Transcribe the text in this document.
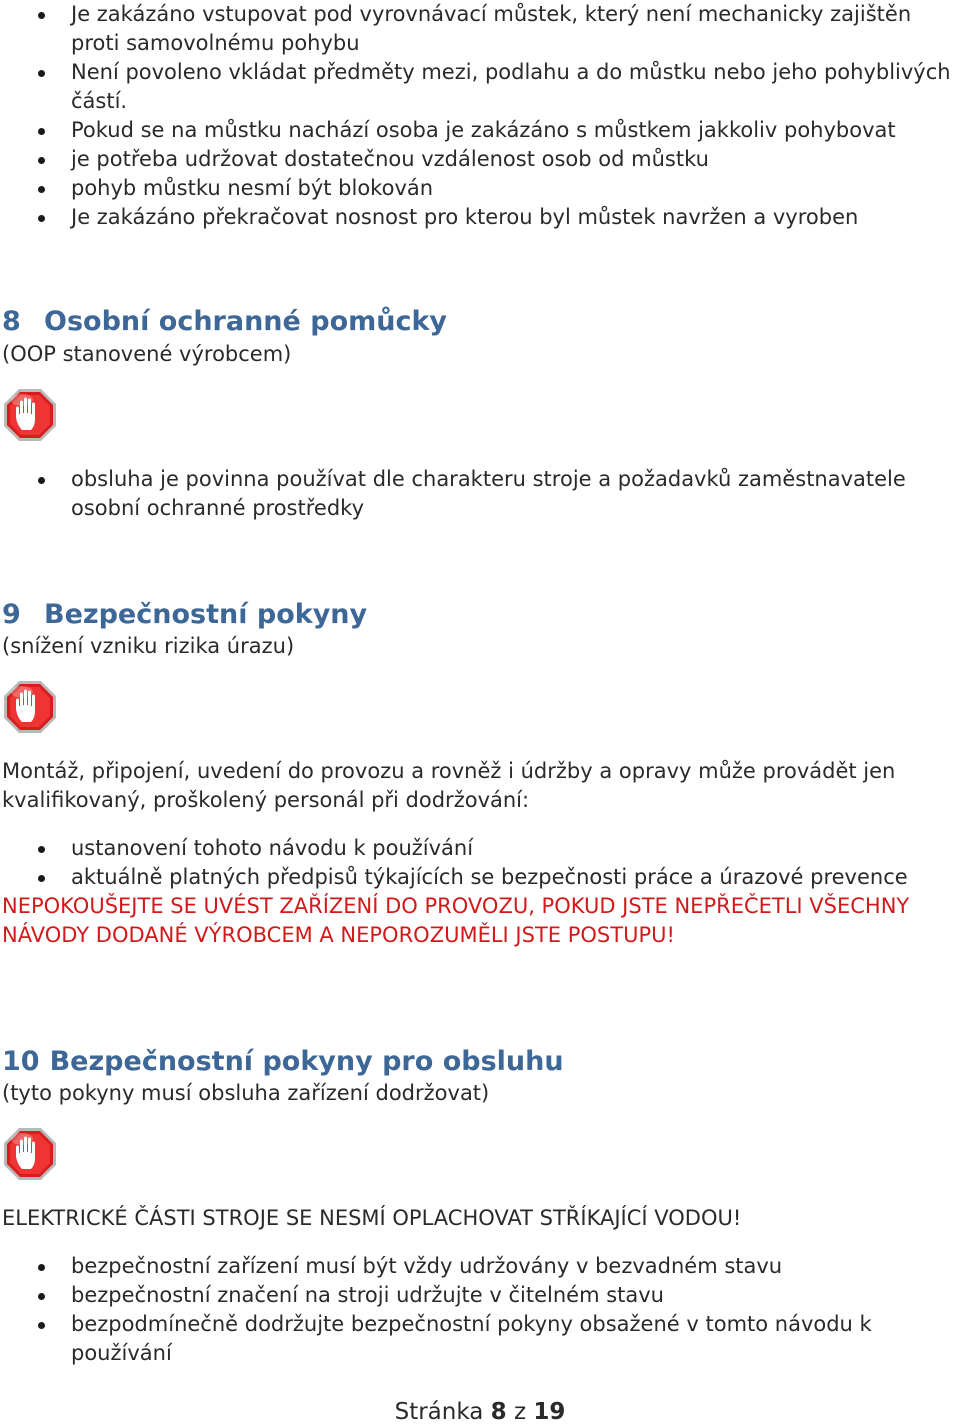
Je zakázáno vstupovat pod vyrovnávací můstek, který není mechanicky zajištěn proti samovolnému pohybu
Není povoleno vkládat předměty mezi, podlahu a do můstku nebo jeho pohyblivých částí.
Pokud se na můstku nachází osoba je zakázáno s můstkem jakkoliv pohybovat
je potřeba udržovat dostatečnou vzdálenost osob od můstku
pohyb můstku nesmí být blokován
Je zakázáno překračovat nosnost pro kterou byl můstek navržen a vyroben
8 Osobní ochranné pomůcky
(OOP stanovené výrobcem)
obsluha je povinna používat dle charakteru stroje a požadavků zaměstnavatele osobní ochranné prostředky
9 Bezpečnostní pokyny
(snížení vzniku rizika úrazu)
Montáž, připojení, uvedení do provozu a rovněž i údržby a opravy může provádět jen kvalifikovaný, proškolený personál při dodržování:
ustanovení tohoto návodu k používání
aktuálně platných předpisů týkajících se bezpečnosti práce a úrazové prevence
NEPOKOUŠEJTE SE UVÉST ZAŘÍZENÍ DO PROVOZU, POKUD JSTE NEPŘEČETLI VŠECHNY NÁVODY DODANÉ VÝROBCEM A NEPOROZUMĚLI JSTE POSTUPU!
10 Bezpečnostní pokyny pro obsluhu
(tyto pokyny musí obsluha zařízení dodržovat)
ELEKTRICKÉ ČÁSTI STROJE SE NESMÍ OPLACHOVAT STŘÍKAJÍCÍ VODOU!
bezpečnostní zařízení musí být vždy udržovány v bezvadném stavu
bezpečnostní značení na stroji udržujte v čitelném stavu
bezpodmínečně dodržujte bezpečnostní pokyny obsažené v tomto návodu k používání
Stránka 8 z 19
